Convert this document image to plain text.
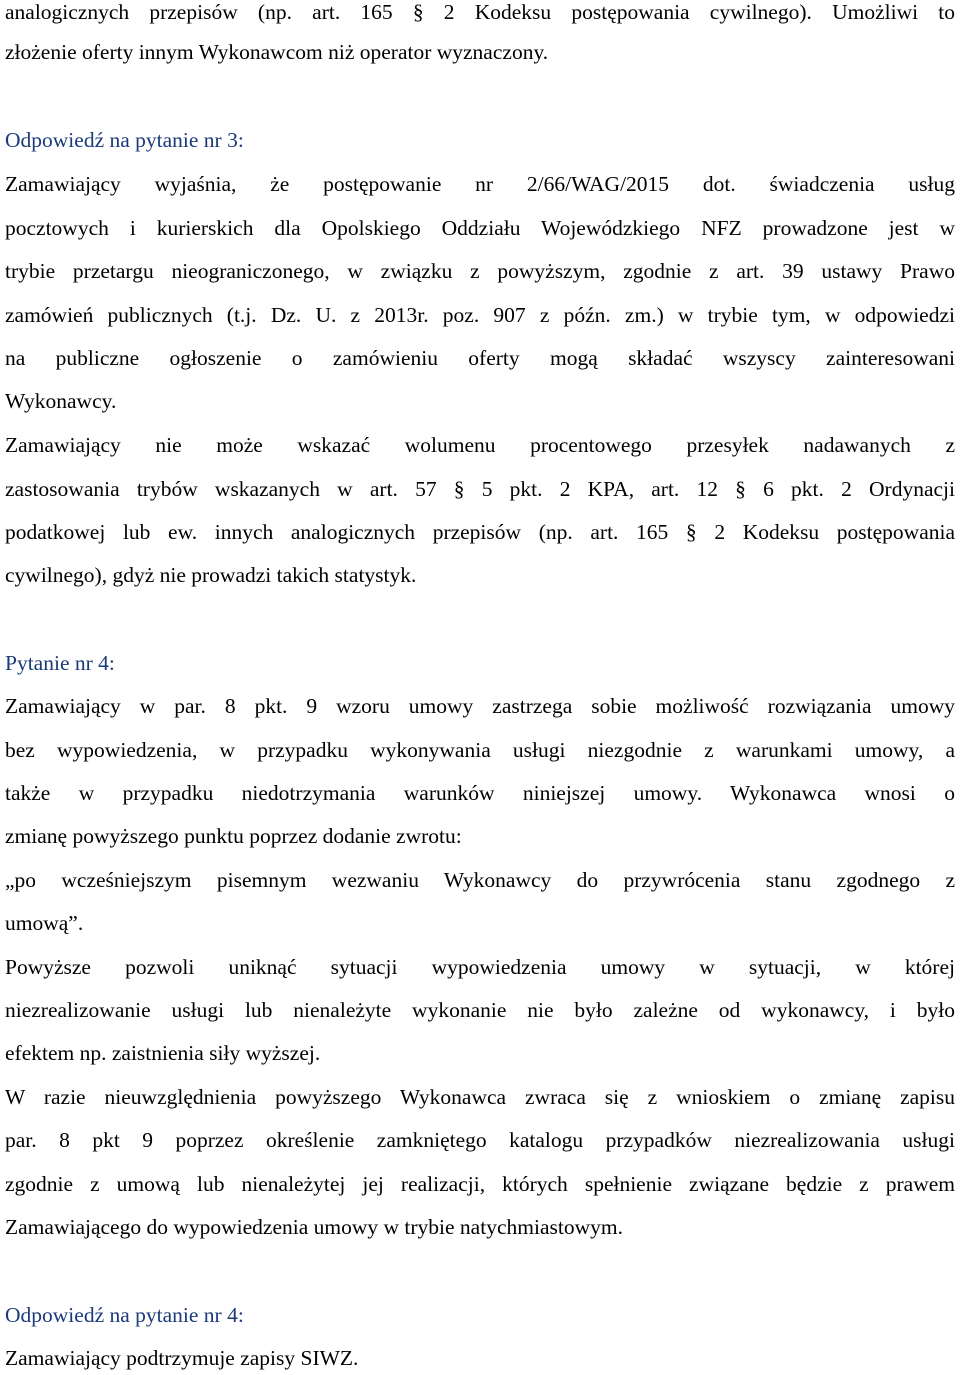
analogicznych przepisów (np. art. 165 § 2 Kodeksu postępowania cywilnego). Umożliwi to
złożenie oferty innym Wykonawcom niż operator wyznaczony.
Odpowiedź na pytanie nr 3:
Zamawiający wyjaśnia, że postępowanie nr 2/66/WAG/2015 dot. świadczenia usług
pocztowych i kurierskich dla Opolskiego Oddziału Wojewódzkiego NFZ prowadzone jest w
trybie przetargu nieograniczonego, w związku z powyższym, zgodnie z art. 39 ustawy Prawo
zamówień publicznych (t.j. Dz. U. z 2013r. poz. 907 z późn. zm.) w trybie tym, w odpowiedzi
na publiczne ogłoszenie o zamówieniu oferty mogą składać wszyscy zainteresowani
Wykonawcy.
Zamawiający nie może wskazać wolumenu procentowego przesyłek nadawanych z
zastosowania trybów wskazanych w art. 57 § 5 pkt. 2 KPA, art. 12 § 6 pkt. 2 Ordynacji
podatkowej lub ew. innych analogicznych przepisów (np. art. 165 § 2 Kodeksu postępowania
cywilnego), gdyż nie prowadzi takich statystyk.
Pytanie nr 4:
Zamawiający w par. 8 pkt. 9 wzoru umowy zastrzega sobie możliwość rozwiązania umowy
bez wypowiedzenia, w przypadku wykonywania usługi niezgodnie z warunkami umowy, a
także w przypadku niedotrzymania warunków niniejszej umowy. Wykonawca wnosi o
zmianę powyższego punktu poprzez dodanie zwrotu:
„po wcześniejszym pisemnym wezwaniu Wykonawcy do przywrócenia stanu zgodnego z
umową”.
Powyższe pozwoli uniknąć sytuacji wypowiedzenia umowy w sytuacji, w której
niezrealizowanie usługi lub nienależyte wykonanie nie było zależne od wykonawcy, i było
efektem np. zaistnienia siły wyższej.
W razie nieuwzględnienia powyższego Wykonawca zwraca się z wnioskiem o zmianę zapisu
par. 8 pkt 9 poprzez określenie zamkniętego katalogu przypadków niezrealizowania usługi
zgodnie z umową lub nienależytej jej realizacji, których spełnienie związane będzie z prawem
Zamawiającego do wypowiedzenia umowy w trybie natychmiastowym.
Odpowiedź na pytanie nr 4:
Zamawiający podtrzymuje zapisy SIWZ.
